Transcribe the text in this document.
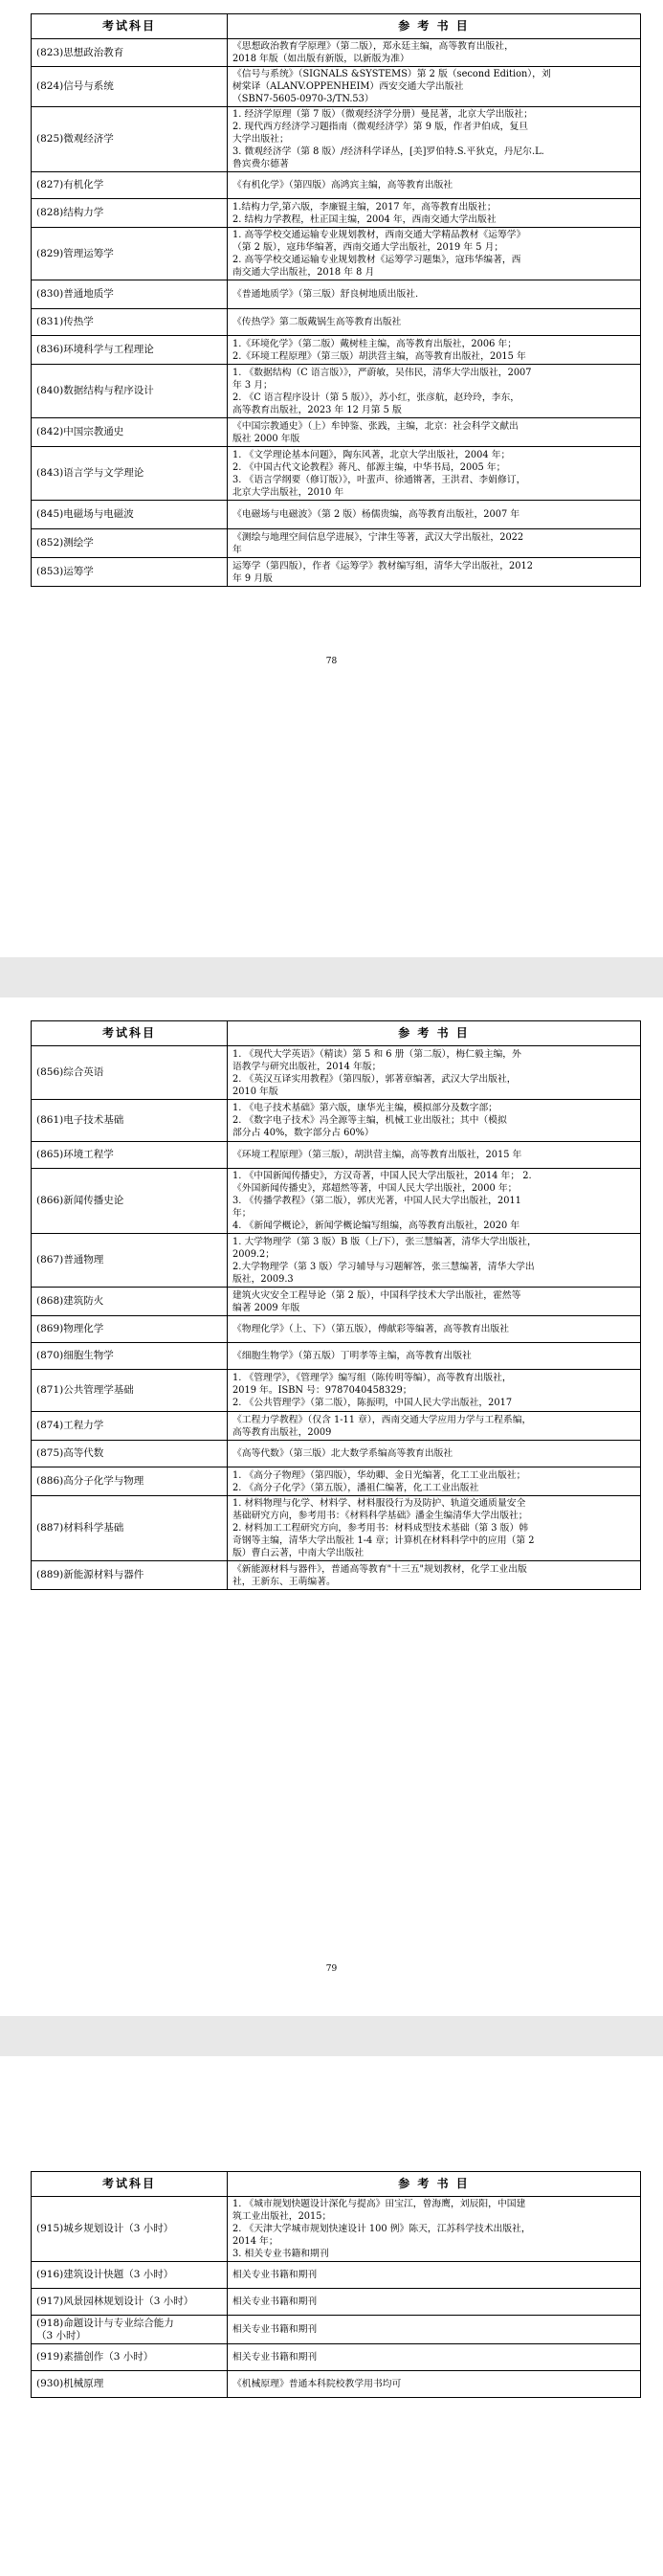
考试科目	参 考 书 目
(823)思想政治教育	《思想政治教育学原理》（第二版），郑永廷主编，高等教育出版社，
2018 年版（如出版有新版，以新版为准）

(824)信号与系统	《信号与系统》（SIGNALS &SYSTEMS）第 2 版（second Edition），刘
树棠译（ALANV.OPPENHEIM）西安交通大学出版社
（SBN7-5605-0970-3/TN.53）

(825)微观经济学	1. 经济学原理（第 7 版）（微观经济学分册）曼昆著，北京大学出版社；
2. 现代西方经济学习题指南（微观经济学）第 9 版，作者尹伯成，复旦
大学出版社；
3. 微观经济学（第 8 版）/经济科学译丛，[美]罗伯特.S.平狄克，丹尼尔.L.
鲁宾费尔德著

(827)有机化学	《有机化学》（第四版）高鸿宾主编，高等教育出版社

(828)结构力学	1.结构力学,第六版，李廉锟主编，2017 年，高等教育出版社；
2. 结构力学教程，杜正国主编，2004 年，西南交通大学出版社

(829)管理运筹学	1. 高等学校交通运输专业规划教材，西南交通大学精品教材《运筹学》
（第 2 版），寇玮华编著，西南交通大学出版社，2019 年 5 月；
2. 高等学校交通运输专业规划教材《运筹学习题集》，寇玮华编著，西
南交通大学出版社，2018 年 8 月

(830)普通地质学	《普通地质学》（第三版）舒良树地质出版社.

(831)传热学	《传热学》第二版戴锅生高等教育出版社

(836)环境科学与工程理论	1.《环境化学》（第二版）戴树桂主编，高等教育出版社，2006 年；
2.《环境工程原理》（第三版）胡洪营主编，高等教育出版社，2015 年

(840)数据结构与程序设计	1. 《数据结构（C 语言版）》，严蔚敏，吴伟民，清华大学出版社，2007
年 3 月；
2. 《C 语言程序设计（第 5 版）》，苏小红，张彦航，赵玲玲，李东，
高等教育出版社，2023 年 12 月第 5 版

(842)中国宗教通史	《中国宗教通史》（上）牟钟鉴、张践，主编，北京：社会科学文献出
版社 2000 年版

(843)语言学与文学理论	1. 《文学理论基本问题》，陶东风著，北京大学出版社，2004 年；
2. 《中国古代文论教程》蒋凡、郁源主编，中华书局，2005 年；
3. 《语言学纲要（修订版）》，叶蜚声、徐通锵著，王洪君、李娟修订，
北京大学出版社，2010 年

(845)电磁场与电磁波	《电磁场与电磁波》（第 2 版）杨儒贵编，高等教育出版社，2007 年

(852)测绘学	《测绘与地理空间信息学进展》，宁津生等著，武汉大学出版社，2022
年

(853)运筹学	运筹学（第四版），作者《运筹学》教材编写组，清华大学出版社，2012
年 9 月版
78
考试科目	参 考 书 目
(856)综合英语	1. 《现代大学英语》（精读）第 5 和 6 册（第二版），梅仁毅主编，外
语教学与研究出版社，2014 年版；
2. 《英汉互译实用教程》（第四版），郭著章编著，武汉大学出版社，
2010 年版

(861)电子技术基础	1. 《电子技术基础》第六版，康华光主编，模拟部分及数字部；
2. 《数字电子技术》冯全源等主编，机械工业出版社；其中（模拟
部分占 40%，数字部分占 60%）

(865)环境工程学	《环境工程原理》（第三版），胡洪营主编，高等教育出版社，2015 年

(866)新闻传播史论	1. 《中国新闻传播史》，方汉奇著，中国人民大学出版社，2014 年； 2.
《外国新闻传播史》，郑超然等著，中国人民大学出版社，2000 年；
3. 《传播学教程》（第二版），郭庆光著，中国人民大学出版社，2011
年；
4. 《新闻学概论》，新闻学概论编写组编，高等教育出版社，2020 年

(867)普通物理	1. 大学物理学（第 3 版）B 版（上/下），张三慧编著，清华大学出版社，
2009.2；
2.大学物理学（第 3 版）学习辅导与习题解答，张三慧编著，清华大学出
版社，2009.3

(868)建筑防火	建筑火灾安全工程导论（第 2 版），中国科学技术大学出版社，霍然等
编著 2009 年版

(869)物理化学	《物理化学》（上、下）（第五版），傅献彩等编著，高等教育出版社

(870)细胞生物学	《细胞生物学》（第五版）丁明孝等主编，高等教育出版社

(871)公共管理学基础	1. 《管理学》，《管理学》编写组（陈传明等编），高等教育出版社，
2019 年。ISBN 号：9787040458329；
2. 《公共管理学》（第二版），陈振明，中国人民大学出版社，2017

(874)工程力学	《工程力学教程》（仅含 1-11 章），西南交通大学应用力学与工程系编，
高等教育出版社，2009

(875)高等代数	《高等代数》（第三版）北大数学系编高等教育出版社

(886)高分子化学与物理	1. 《高分子物理》（第四版），华幼卿、金日光编著，化工工业出版社；
2. 《高分子化学》（第五版），潘祖仁编著，化工工业出版社

(887)材料科学基础	1. 材料物理与化学、材料学、材料服役行为及防护、轨道交通质量安全
基础研究方向，参考用书：《材料科学基础》潘金生编清华大学出版社；
2. 材料加工工程研究方向，参考用书：材料成型技术基础（第 3 版）韩
奇钢等主编，清华大学出版社 1-4 章；计算机在材料科学中的应用（第 2
版）曹白云著，中南大学出版社

(889)新能源材料与器件	《新能源材料与器件》，普通高等教育"十三五"规划教材，化学工业出版
社，王新东、王萌编著。
79
考试科目	参 考 书 目
(915)城乡规划设计（3 小时）	1. 《城市规划快题设计深化与提高》田宝江，曾海鹰，刘辰阳，中国建
筑工业出版社，2015；
2. 《天津大学城市规划快速设计 100 例》陈天，江苏科学技术出版社，
2014 年；
3. 相关专业书籍和期刊

(916)建筑设计快题（3 小时）	相关专业书籍和期刊

(917)风景园林规划设计（3 小时）	相关专业书籍和期刊

(918)命题设计与专业综合能力
（3 小时）	相关专业书籍和期刊

(919)素描创作（3 小时）	相关专业书籍和期刊

(930)机械原理	《机械原理》普通本科院校教学用书均可
